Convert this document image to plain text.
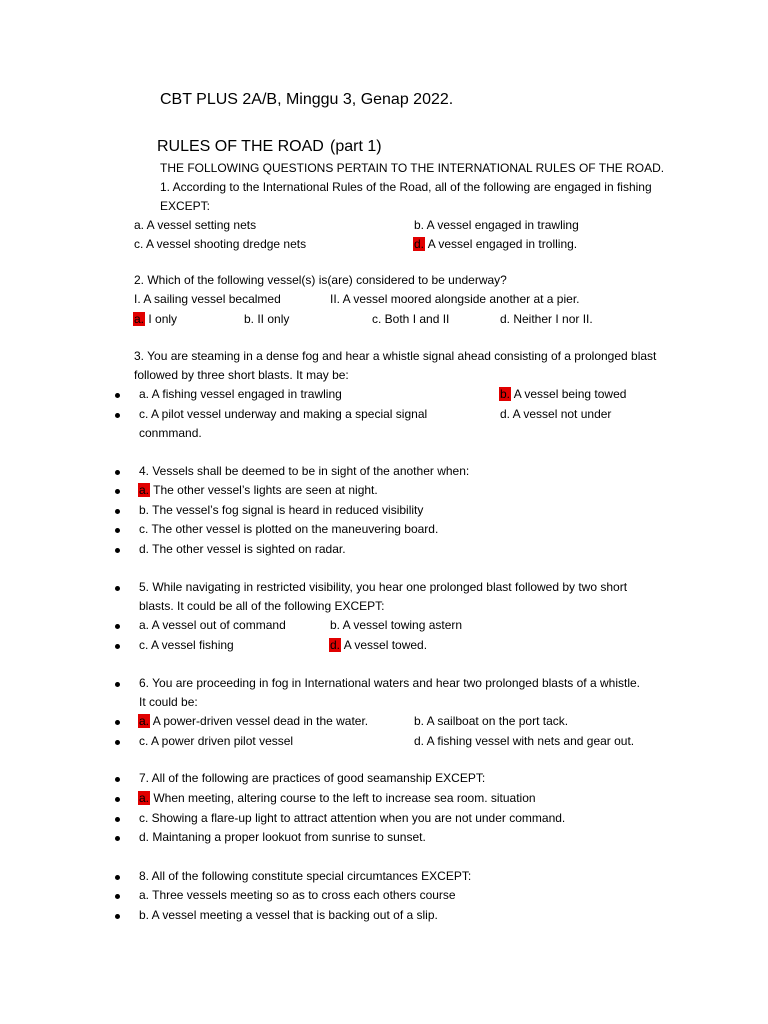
CBT PLUS 2A/B, Minggu 3, Genap 2022.
RULES OF THE ROAD (part 1)
THE FOLLOWING QUESTIONS PERTAIN TO THE INTERNATIONAL RULES OF THE ROAD.
1. According to the International Rules of the Road, all of the following are engaged in fishing
EXCEPT:
a. A vessel setting nets	b. A vessel engaged in trawling
c. A vessel shooting dredge nets	d. A vessel engaged in trolling.
2. Which of the following vessel(s) is(are) considered to be underway?
I. A sailing vessel becalmed	II. A vessel moored alongside another at a pier.
a. I only	b. II only	c. Both I and II	d. Neither I nor II.
3. You are steaming in a dense fog and hear a whistle signal ahead consisting of a prolonged blast
followed by three short blasts. It may be:
a. A fishing vessel engaged in trawling	b. A vessel being towed
c. A pilot vessel underway and making a special signal	d. A vessel not under
conmmand.
4. Vessels shall be deemed to be in sight of the another when:
a. The other vessel’s lights are seen at night.
b. The vessel’s fog signal is heard in reduced visibility
c. The other vessel is plotted on the maneuvering board.
d. The other vessel is sighted on radar.
5. While navigating in restricted visibility, you hear one prolonged blast followed by two short
blasts. It could be all of the following EXCEPT:
a. A vessel out of command	b. A vessel towing astern
c. A vessel fishing	d. A vessel towed.
6. You are proceeding in fog in International waters and hear two prolonged blasts of a whistle.
It could be:
a. A power-driven vessel dead in the water.	b. A sailboat on the port tack.
c. A power driven pilot vessel	d. A fishing vessel with nets and gear out.
7. All of the following are practices of good seamanship EXCEPT:
a. When meeting, altering course to the left to increase sea room. situation
c. Showing a flare-up light to attract attention when you are not under command.
d. Maintaning a proper lookuot from sunrise to sunset.
8. All of the following constitute special circumtances EXCEPT:
a. Three vessels meeting so as to cross each others course
b. A vessel meeting a vessel that is backing out of a slip.
